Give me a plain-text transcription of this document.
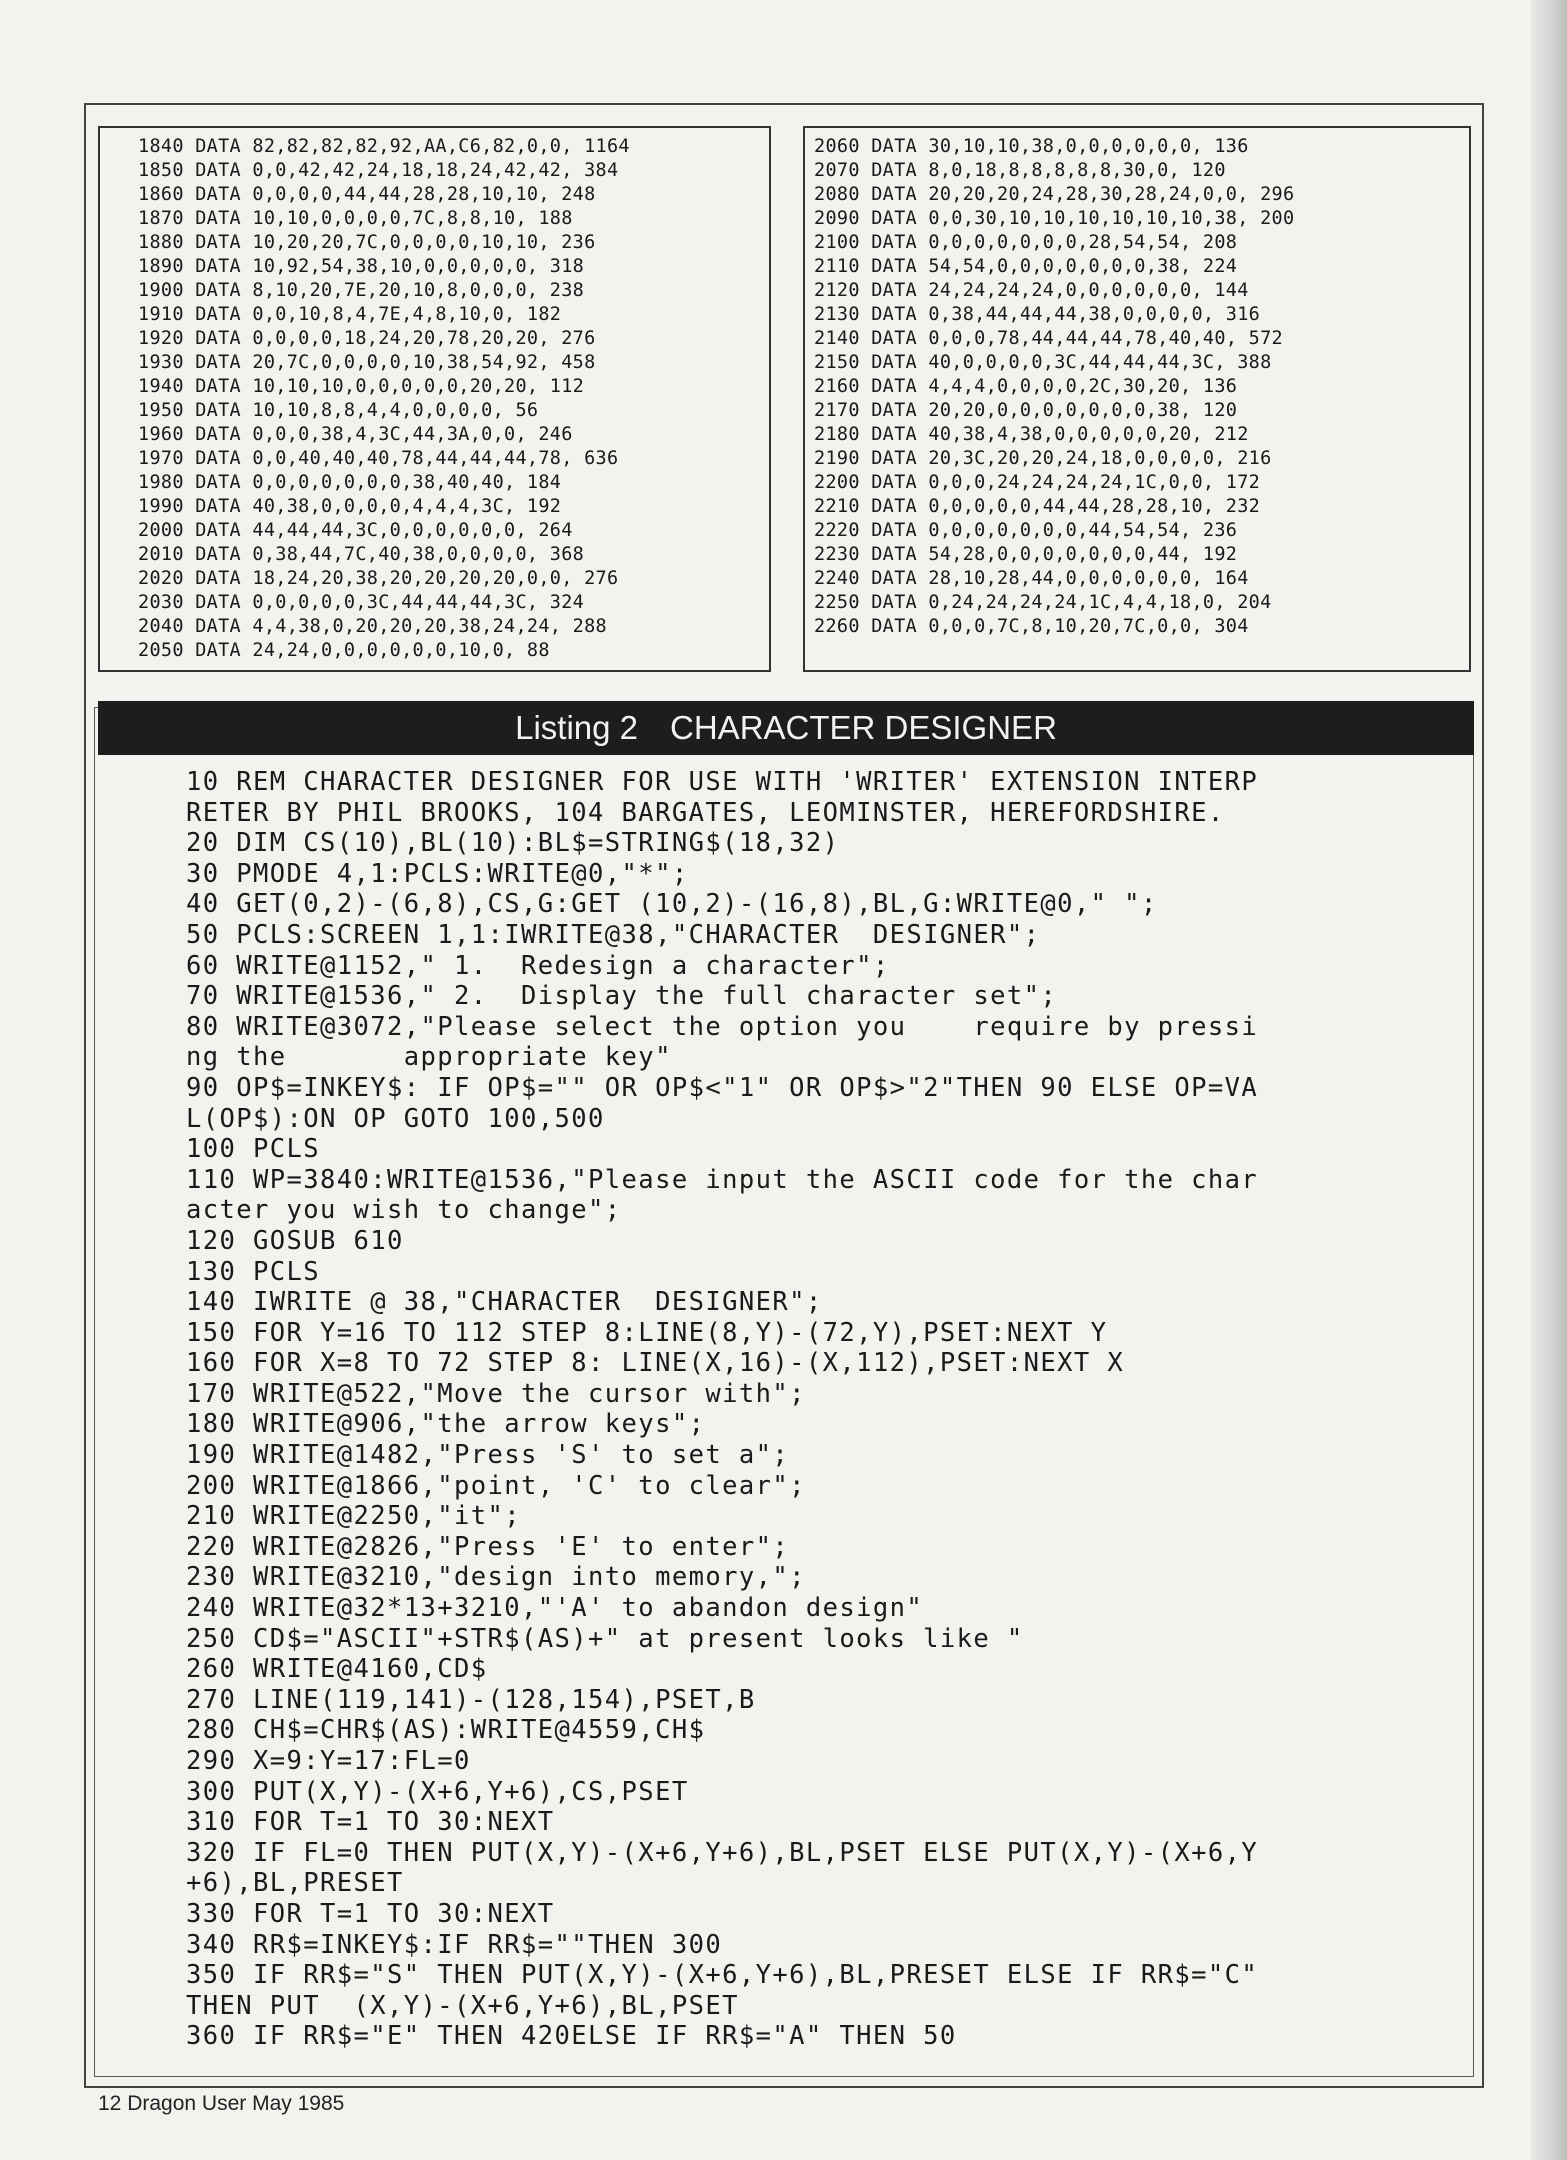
1840 DATA 82,82,82,82,92,AA,C6,82,0,0, 1164
1850 DATA 0,0,42,42,24,18,18,24,42,42, 384
1860 DATA 0,0,0,0,44,44,28,28,10,10, 248
1870 DATA 10,10,0,0,0,0,7C,8,8,10, 188
1880 DATA 10,20,20,7C,0,0,0,0,10,10, 236
1890 DATA 10,92,54,38,10,0,0,0,0,0, 318
1900 DATA 8,10,20,7E,20,10,8,0,0,0, 238
1910 DATA 0,0,10,8,4,7E,4,8,10,0, 182
1920 DATA 0,0,0,0,18,24,20,78,20,20, 276
1930 DATA 20,7C,0,0,0,0,10,38,54,92, 458
1940 DATA 10,10,10,0,0,0,0,0,20,20, 112
1950 DATA 10,10,8,8,4,4,0,0,0,0, 56
1960 DATA 0,0,0,38,4,3C,44,3A,0,0, 246
1970 DATA 0,0,40,40,40,78,44,44,44,78, 636
1980 DATA 0,0,0,0,0,0,0,38,40,40, 184
1990 DATA 40,38,0,0,0,0,4,4,4,3C, 192
2000 DATA 44,44,44,3C,0,0,0,0,0,0, 264
2010 DATA 0,38,44,7C,40,38,0,0,0,0, 368
2020 DATA 18,24,20,38,20,20,20,20,0,0, 276
2030 DATA 0,0,0,0,0,3C,44,44,44,3C, 324
2040 DATA 4,4,38,0,20,20,20,38,24,24, 288
2050 DATA 24,24,0,0,0,0,0,0,10,0, 88
2060 DATA 30,10,10,38,0,0,0,0,0,0, 136
2070 DATA 8,0,18,8,8,8,8,8,30,0, 120
2080 DATA 20,20,20,24,28,30,28,24,0,0, 296
2090 DATA 0,0,30,10,10,10,10,10,10,38, 200
2100 DATA 0,0,0,0,0,0,0,28,54,54, 208
2110 DATA 54,54,0,0,0,0,0,0,0,38, 224
2120 DATA 24,24,24,24,0,0,0,0,0,0, 144
2130 DATA 0,38,44,44,44,38,0,0,0,0, 316
2140 DATA 0,0,0,78,44,44,44,78,40,40, 572
2150 DATA 40,0,0,0,0,3C,44,44,44,3C, 388
2160 DATA 4,4,4,0,0,0,0,2C,30,20, 136
2170 DATA 20,20,0,0,0,0,0,0,0,38, 120
2180 DATA 40,38,4,38,0,0,0,0,0,20, 212
2190 DATA 20,3C,20,20,24,18,0,0,0,0, 216
2200 DATA 0,0,0,24,24,24,24,1C,0,0, 172
2210 DATA 0,0,0,0,0,44,44,28,28,10, 232
2220 DATA 0,0,0,0,0,0,0,44,54,54, 236
2230 DATA 54,28,0,0,0,0,0,0,0,44, 192
2240 DATA 28,10,28,44,0,0,0,0,0,0, 164
2250 DATA 0,24,24,24,24,1C,4,4,18,0, 204
2260 DATA 0,0,0,7C,8,10,20,7C,0,0, 304
Listing 2 CHARACTER DESIGNER
10 REM CHARACTER DESIGNER FOR USE WITH 'WRITER' EXTENSION INTERP
RETER BY PHIL BROOKS, 104 BARGATES, LEOMINSTER, HEREFORDSHIRE.
20 DIM CS(10),BL(10):BL$=STRING$(18,32)
30 PMODE 4,1:PCLS:WRITE@0,"*";
40 GET(0,2)-(6,8),CS,G:GET (10,2)-(16,8),BL,G:WRITE@0," ";
50 PCLS:SCREEN 1,1:IWRITE@38,"CHARACTER  DESIGNER";
60 WRITE@1152," 1.  Redesign a character";
70 WRITE@1536," 2.  Display the full character set";
80 WRITE@3072,"Please select the option you    require by pressi
ng the       appropriate key"
90 OP$=INKEY$: IF OP$="" OR OP$<"1" OR OP$>"2"THEN 90 ELSE OP=VA
L(OP$):ON OP GOTO 100,500
100 PCLS
110 WP=3840:WRITE@1536,"Please input the ASCII code for the char
acter you wish to change";
120 GOSUB 610
130 PCLS
140 IWRITE @ 38,"CHARACTER  DESIGNER";
150 FOR Y=16 TO 112 STEP 8:LINE(8,Y)-(72,Y),PSET:NEXT Y
160 FOR X=8 TO 72 STEP 8: LINE(X,16)-(X,112),PSET:NEXT X
170 WRITE@522,"Move the cursor with";
180 WRITE@906,"the arrow keys";
190 WRITE@1482,"Press 'S' to set a";
200 WRITE@1866,"point, 'C' to clear";
210 WRITE@2250,"it";
220 WRITE@2826,"Press 'E' to enter";
230 WRITE@3210,"design into memory,";
240 WRITE@32*13+3210,"'A' to abandon design"
250 CD$="ASCII"+STR$(AS)+" at present looks like "
260 WRITE@4160,CD$
270 LINE(119,141)-(128,154),PSET,B
280 CH$=CHR$(AS):WRITE@4559,CH$
290 X=9:Y=17:FL=0
300 PUT(X,Y)-(X+6,Y+6),CS,PSET
310 FOR T=1 TO 30:NEXT
320 IF FL=0 THEN PUT(X,Y)-(X+6,Y+6),BL,PSET ELSE PUT(X,Y)-(X+6,Y
+6),BL,PRESET
330 FOR T=1 TO 30:NEXT
340 RR$=INKEY$:IF RR$=""THEN 300
350 IF RR$="S" THEN PUT(X,Y)-(X+6,Y+6),BL,PRESET ELSE IF RR$="C"
THEN PUT  (X,Y)-(X+6,Y+6),BL,PSET
360 IF RR$="E" THEN 420ELSE IF RR$="A" THEN 50
12 Dragon User May 1985
